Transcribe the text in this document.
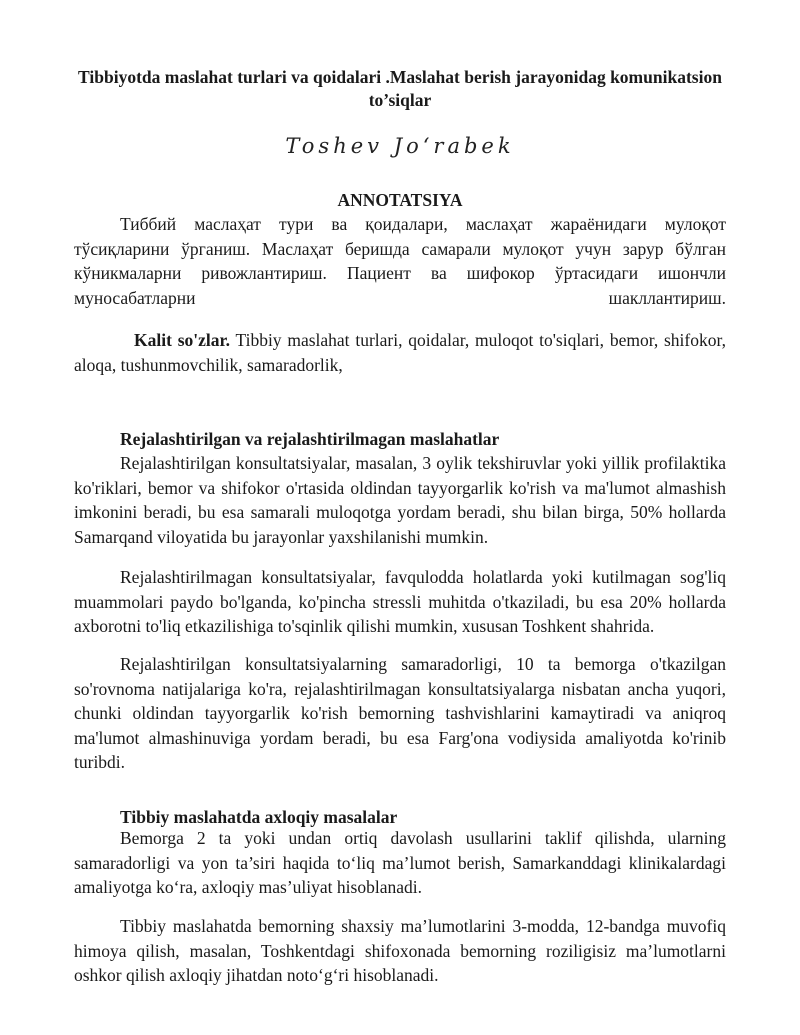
Tibbiyotda maslahat turlari va qoidalari .Maslahat berish jarayonidag komunikatsion to’siqlar
Toshev Jo‘rabek
ANNOTATSIYA

Тиббий маслаҳат тури ва қоидалари, маслаҳат жараёнидаги мулоқот тўсиқларини ўрганиш. Маслаҳат беришда самарали мулоқот учун зарур бўлган кўникмаларни ривожлантириш. Пациент ва шифокор ўртасидаги ишончли муносабатларни шакллантириш.

Kalit so'zlar. Tibbiy maslahat turlari, qoidalar, muloqot to'siqlari, bemor, shifokor, aloqa, tushunmovchilik, samaradorlik,

Rejalashtirilgan va rejalashtirilmagan maslahatlar

Rejalashtirilgan konsultatsiyalar, masalan, 3 oylik tekshiruvlar yoki yillik profilaktika ko'riklari, bemor va shifokor o'rtasida oldindan tayyorgarlik ko'rish va ma'lumot almashish imkonini beradi, bu esa samarali muloqotga yordam beradi, shu bilan birga, 50% hollarda Samarqand viloyatida bu jarayonlar yaxshilanishi mumkin.

Rejalashtirilmagan konsultatsiyalar, favqulodda holatlarda yoki kutilmagan sog'liq muammolari paydo bo'lganda, ko'pincha stressli muhitda o'tkaziladi, bu esa 20% hollarda axborotni to'liq etkazilishiga to'sqinlik qilishi mumkin, xususan Toshkent shahrida.

Rejalashtirilgan konsultatsiyalarning samaradorligi, 10 ta bemorga o'tkazilgan so'rovnoma natijalariga ko'ra, rejalashtirilmagan konsultatsiyalarga nisbatan ancha yuqori, chunki oldindan tayyorgarlik ko'rish bemorning tashvishlarini kamaytiradi va aniqroq ma'lumot almashinuviga yordam beradi, bu esa Farg'ona vodiysida amaliyotda ko'rinib turibdi.

Tibbiy maslahatda axloqiy masalalar

Bemorga 2 ta yoki undan ortiq davolash usullarini taklif qilishda, ularning samaradorligi va yon ta’siri haqida to‘liq ma’lumot berish, Samarkanddagi klinikalardagi amaliyotga ko‘ra, axloqiy mas’uliyat hisoblanadi.

Tibbiy maslahatda bemorning shaxsiy ma’lumotlarini 3-modda, 12-bandga muvofiq himoya qilish, masalan, Toshkentdagi shifoxonada bemorning roziligisiz ma’lumotlarni oshkor qilish axloqiy jihatdan noto‘g‘ri hisoblanadi.
